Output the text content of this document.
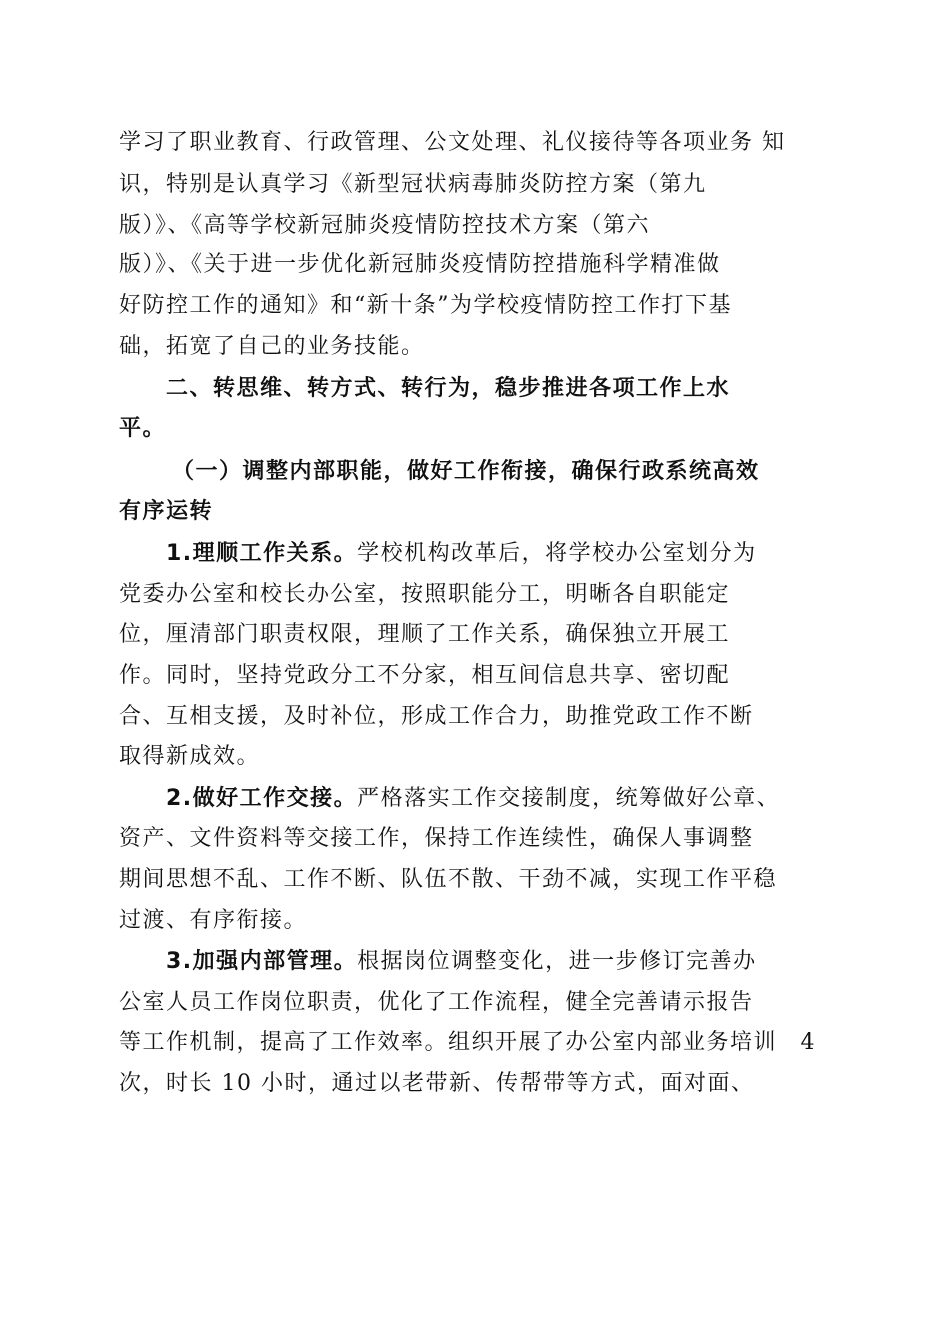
学习了职业教育、行政管理、公文处理、礼仪接待等各项业务 知

识，特别是认真学习《新型冠状病毒肺炎防控方案（第九

版）》、《高等学校新冠肺炎疫情防控技术方案（第六

版）》、《关于进一步优化新冠肺炎疫情防控措施科学精准做

好防控工作的通知》和“新十条”为学校疫情防控工作打下基

础，拓宽了自己的业务技能。

二、转思维、转方式、转行为，稳步推进各项工作上水

平。

（一）调整内部职能，做好工作衔接，确保行政系统高效

有序运转

1.理顺工作关系。学校机构改革后，将学校办公室划分为

党委办公室和校长办公室，按照职能分工，明晰各自职能定

位，厘清部门职责权限，理顺了工作关系，确保独立开展工

作。同时，坚持党政分工不分家，相互间信息共享、密切配

合、互相支援，及时补位，形成工作合力，助推党政工作不断

取得新成效。

2.做好工作交接。严格落实工作交接制度，统筹做好公章、

资产、文件资料等交接工作，保持工作连续性，确保人事调整

期间思想不乱、工作不断、队伍不散、干劲不减，实现工作平稳

过渡、有序衔接。

3.加强内部管理。根据岗位调整变化，进一步修订完善办

公室人员工作岗位职责，优化了工作流程，健全完善请示报告

等工作机制，提高了工作效率。组织开展了办公室内部业务培训　4

次，时长 10 小时，通过以老带新、传帮带等方式，面对面、
